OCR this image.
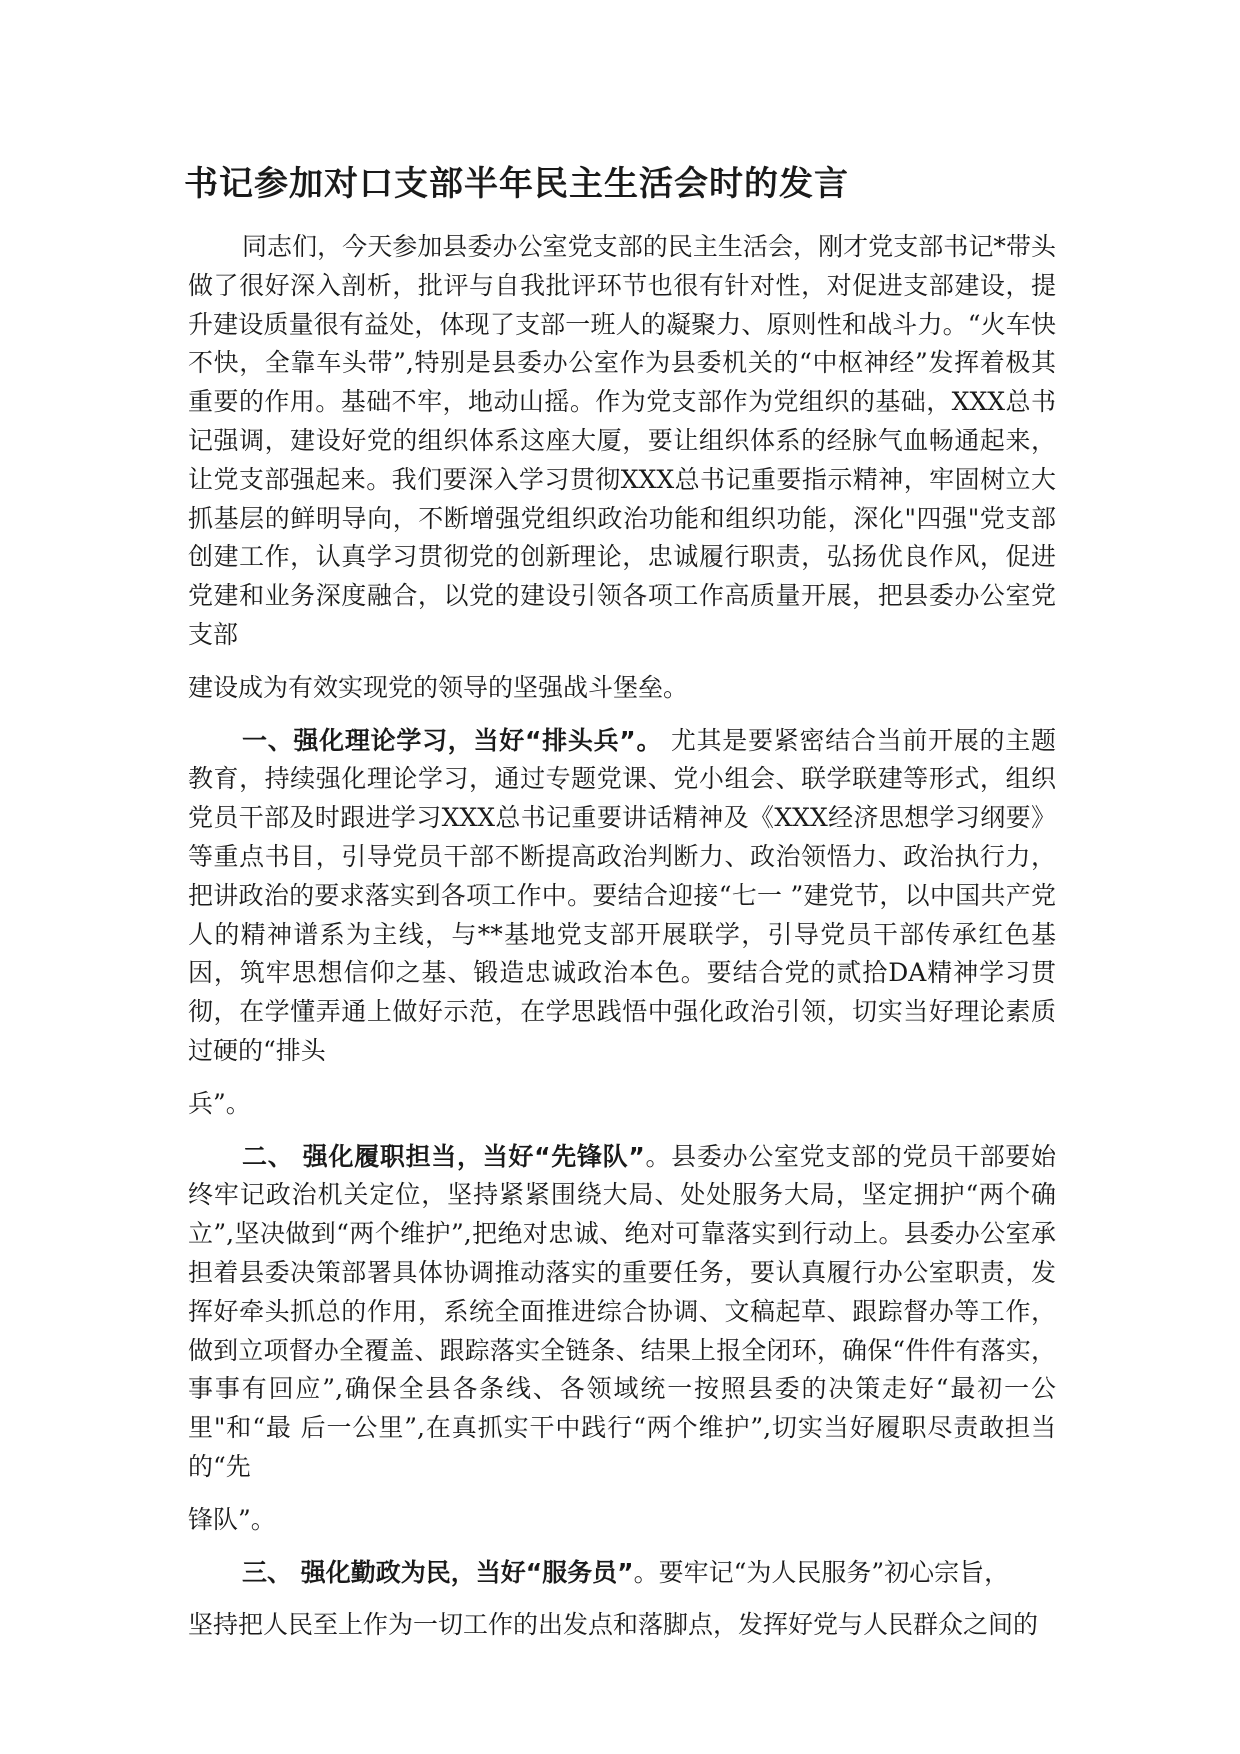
书记参加对口支部半年民主生活会时的发言

同志们，今天参加县委办公室党支部的民主生活会，刚才党支部书记*带头做了很好深入剖析，批评与自我批评环节也很有针对性，对促进支部建设，提升建设质量很有益处，体现了支部一班人的凝聚力、原则性和战斗力。“火车快不快，全靠车头带”,特别是县委办公室作为县委机关的“中枢神经”发挥着极其重要的作用。基础不牢，地动山摇。作为党支部作为党组织的基础，XXX总书记强调，建设好党的组织体系这座大厦，要让组织体系的经脉气血畅通起来，让党支部强起来。我们要深入学习贯彻XXX总书记重要指示精神，牢固树立大抓基层的鲜明导向，不断增强党组织政治功能和组织功能，深化"四强"党支部创建工作，认真学习贯彻党的创新理论，忠诚履行职责，弘扬优良作风，促进党建和业务深度融合，以党的建设引领各项工作高质量开展，把县委办公室党支部

建设成为有效实现党的领导的坚强战斗堡垒。

一、强化理论学习，当好“排头兵”。 尤其是要紧密结合当前开展的主题教育，持续强化理论学习，通过专题党课、党小组会、联学联建等形式，组织党员干部及时跟进学习XXX总书记重要讲话精神及《XXX经济思想学习纲要》 等重点书目，引导党员干部不断提高政治判断力、政治领悟力、政治执行力，把讲政治的要求落实到各项工作中。要结合迎接“七一 ”建党节，以中国共产党人的精神谱系为主线，与**基地党支部开展联学，引导党员干部传承红色基因，筑牢思想信仰之基、锻造忠诚政治本色。要结合党的贰拾DA精神学习贯彻，在学懂弄通上做好示范，在学思践悟中强化政治引领，切实当好理论素质过硬的“排头

兵”。

二、 强化履职担当，当好“先锋队”。县委办公室党支部的党员干部要始终牢记政治机关定位，坚持紧紧围绕大局、处处服务大局，坚定拥护“两个确立”,坚决做到“两个维护”,把绝对忠诚、绝对可靠落实到行动上。县委办公室承担着县委决策部署具体协调推动落实的重要任务，要认真履行办公室职责，发挥好牵头抓总的作用，系统全面推进综合协调、文稿起草、跟踪督办等工作，做到立项督办全覆盖、跟踪落实全链条、结果上报全闭环，确保“件件有落实，事事有回应”,确保全县各条线、各领域统一按照县委的决策走好“最初一公里"和“最 后一公里”,在真抓实干中践行“两个维护”,切实当好履职尽责敢担当的“先

锋队”。

三、 强化勤政为民，当好“服务员”。要牢记“为人民服务”初心宗旨，

坚持把人民至上作为一切工作的出发点和落脚点，发挥好党与人民群众之间的
